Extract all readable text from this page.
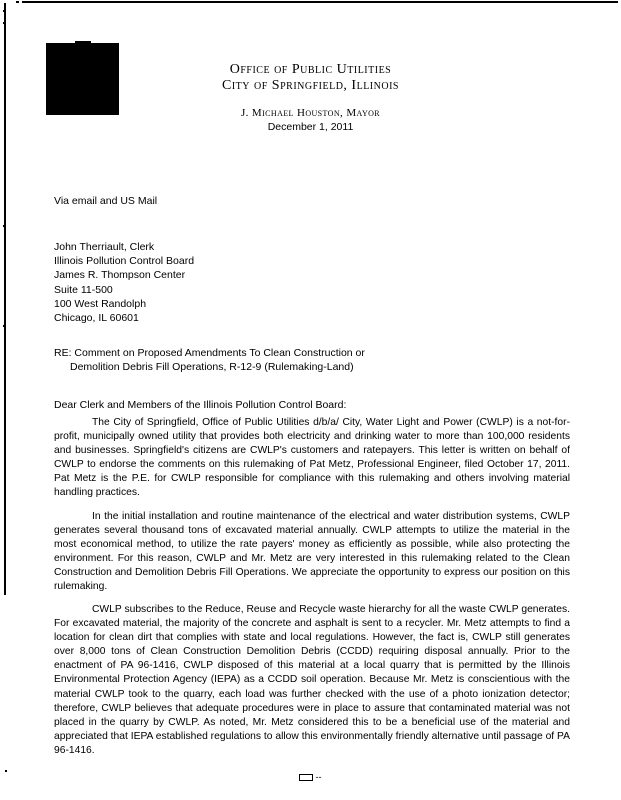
Office of Public Utilities
City of Springfield, Illinois
J. Michael Houston, Mayor
December 1, 2011
Via email and US Mail
John Therriault, Clerk
Illinois Pollution Control Board
James R. Thompson Center
Suite 11-500
100 West Randolph
Chicago, IL 60601
RE: Comment on Proposed Amendments To Clean Construction or
Demolition Debris Fill Operations, R-12-9 (Rulemaking-Land)
Dear Clerk and Members of the Illinois Pollution Control Board:
The City of Springfield, Office of Public Utilities d/b/a/ City, Water Light and Power (CWLP) is a not-for-profit, municipally owned utility that provides both electricity and drinking water to more than 100,000 residents and businesses. Springfield's citizens are CWLP's customers and ratepayers. This letter is written on behalf of CWLP to endorse the comments on this rulemaking of Pat Metz, Professional Engineer, filed October 17, 2011. Pat Metz is the P.E. for CWLP responsible for compliance with this rulemaking and others involving material handling practices.
In the initial installation and routine maintenance of the electrical and water distribution systems, CWLP generates several thousand tons of excavated material annually. CWLP attempts to utilize the material in the most economical method, to utilize the rate payers' money as efficiently as possible, while also protecting the environment. For this reason, CWLP and Mr. Metz are very interested in this rulemaking related to the Clean Construction and Demolition Debris Fill Operations. We appreciate the opportunity to express our position on this rulemaking.
CWLP subscribes to the Reduce, Reuse and Recycle waste hierarchy for all the waste CWLP generates. For excavated material, the majority of the concrete and asphalt is sent to a recycler. Mr. Metz attempts to find a location for clean dirt that complies with state and local regulations. However, the fact is, CWLP still generates over 8,000 tons of Clean Construction Demolition Debris (CCDD) requiring disposal annually. Prior to the enactment of PA 96-1416, CWLP disposed of this material at a local quarry that is permitted by the Illinois Environmental Protection Agency (IEPA) as a CCDD soil operation. Because Mr. Metz is conscientious with the material CWLP took to the quarry, each load was further checked with the use of a photo ionization detector; therefore, CWLP believes that adequate procedures were in place to assure that contaminated material was not placed in the quarry by CWLP. As noted, Mr. Metz considered this to be a beneficial use of the material and appreciated that IEPA established regulations to allow this environmentally friendly alternative until passage of PA 96-1416.
--
